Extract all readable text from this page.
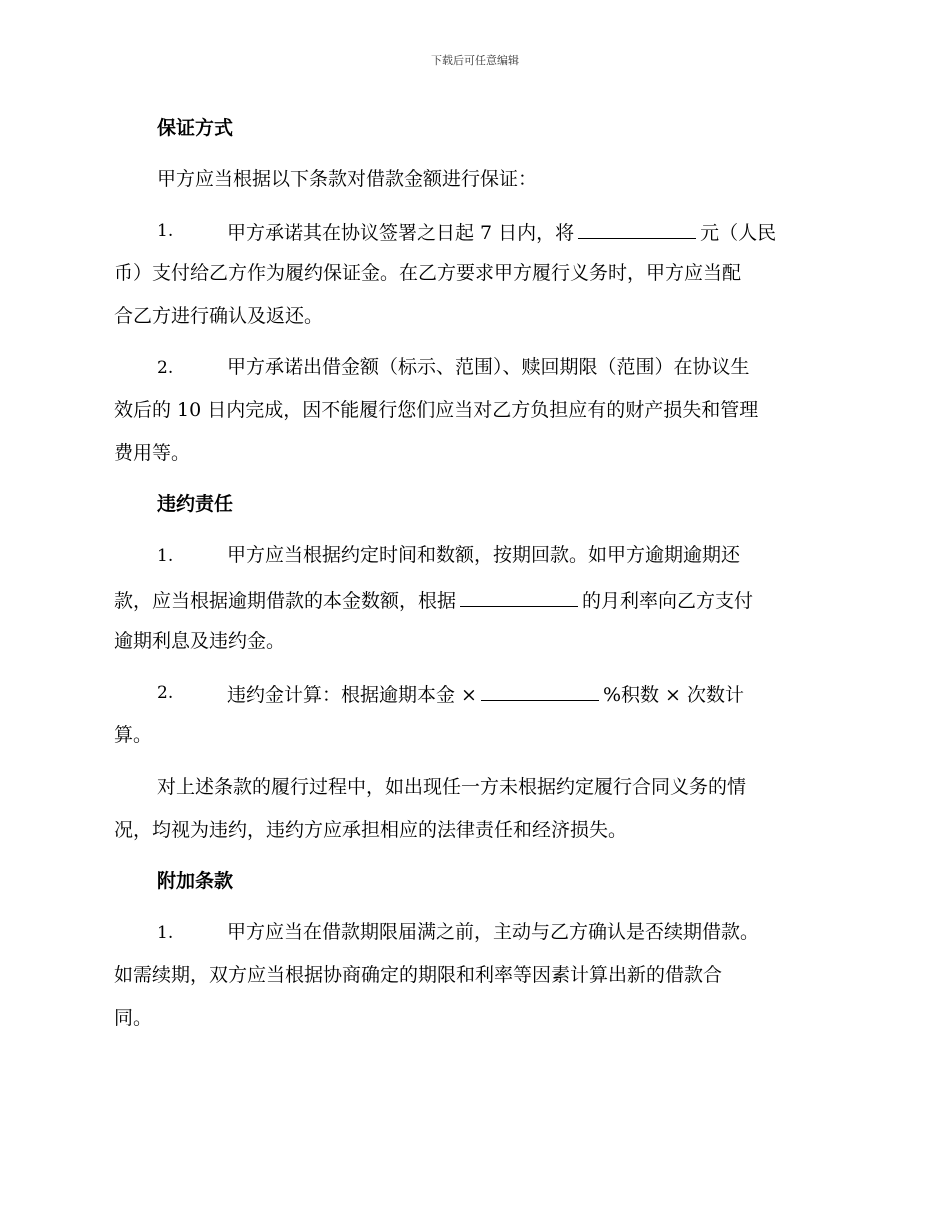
下载后可任意编辑
保证方式
甲方应当根据以下条款对借款金额进行保证：
1.	甲方承诺其在协议签署之日起 7 日内，将	元（人民
币）支付给乙方作为履约保证金。在乙方要求甲方履行义务时，甲方应当配
合乙方进行确认及返还。
2.	甲方承诺出借金额（标示、范围）、赎回期限（范围）在协议生
效后的 10 日内完成，因不能履行您们应当对乙方负担应有的财产损失和管理
费用等。
违约责任
1.	甲方应当根据约定时间和数额，按期回款。如甲方逾期逾期还
款，应当根据逾期借款的本金数额，根据	的月利率向乙方支付
逾期利息及违约金。
2.	违约金计算：根据逾期本金 ×	%积数 × 次数计
算。
对上述条款的履行过程中，如出现任一方未根据约定履行合同义务的情
况，均视为违约，违约方应承担相应的法律责任和经济损失。
附加条款
1.	甲方应当在借款期限届满之前，主动与乙方确认是否续期借款。
如需续期，双方应当根据协商确定的期限和利率等因素计算出新的借款合
同。
